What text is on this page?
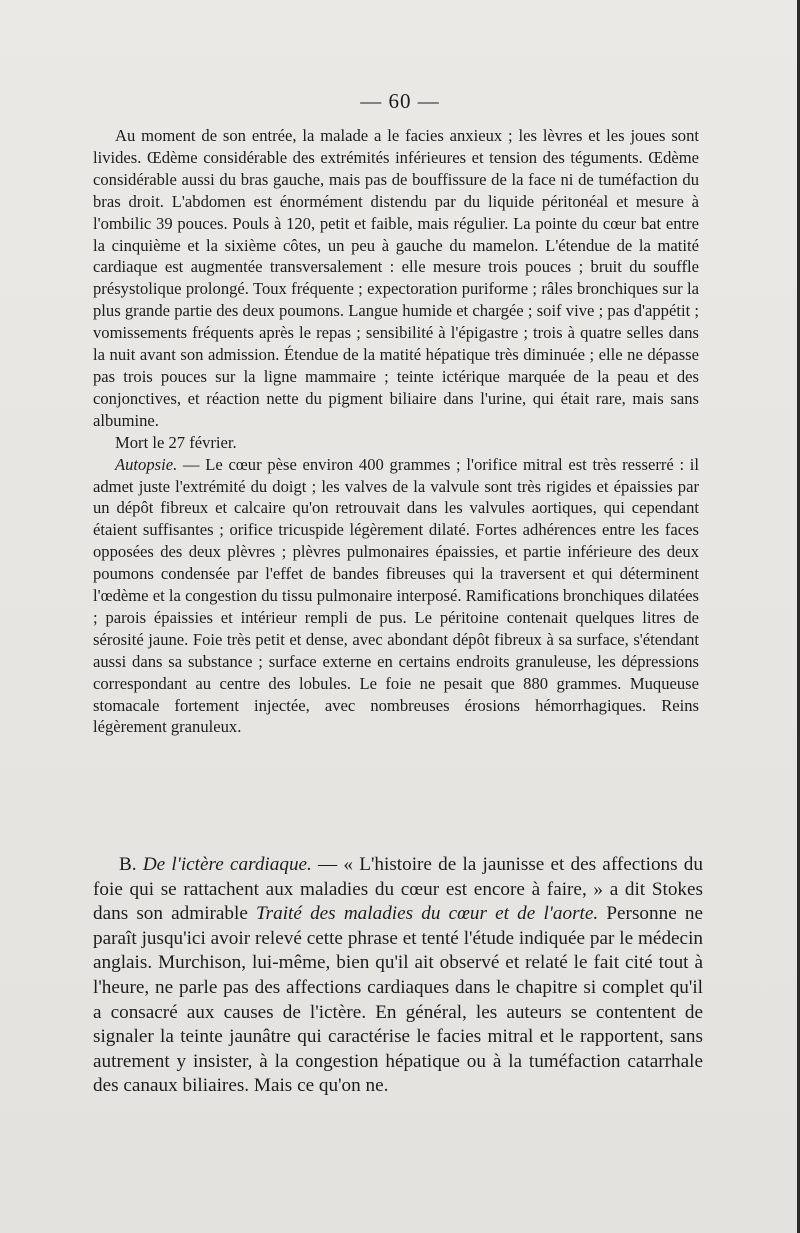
— 60 —

Au moment de son entrée, la malade a le facies anxieux ; les lèvres et les joues sont livides. Œdème considérable des extrémités inférieures et tension des téguments. Œdème considérable aussi du bras gauche, mais pas de bouffissure de la face ni de tuméfaction du bras droit. L'abdomen est énormément distendu par du liquide péritonéal et mesure à l'ombilic 39 pouces. Pouls à 120, petit et faible, mais régulier. La pointe du cœur bat entre la cinquième et la sixième côtes, un peu à gauche du mamelon. L'étendue de la matité cardiaque est augmentée transversalement : elle mesure trois pouces ; bruit du souffle présystolique prolongé. Toux fréquente ; expectoration puriforme ; râles bronchiques sur la plus grande partie des deux poumons. Langue humide et chargée ; soif vive ; pas d'appétit ; vomissements fréquents après le repas ; sensibilité à l'épigastre ; trois à quatre selles dans la nuit avant son admission. Étendue de la matité hépatique très diminuée ; elle ne dépasse pas trois pouces sur la ligne mammaire ; teinte ictérique marquée de la peau et des conjonctives, et réaction nette du pigment biliaire dans l'urine, qui était rare, mais sans albumine.

Mort le 27 février.

Autopsie. — Le cœur pèse environ 400 grammes ; l'orifice mitral est très resserré : il admet juste l'extrémité du doigt ; les valves de la valvule sont très rigides et épaissies par un dépôt fibreux et calcaire qu'on retrouvait dans les valvules aortiques, qui cependant étaient suffisantes ; orifice tricuspide légèrement dilaté. Fortes adhérences entre les faces opposées des deux plèvres ; plèvres pulmonaires épaissies, et partie inférieure des deux poumons condensée par l'effet de bandes fibreuses qui la traversent et qui déterminent l'œdème et la congestion du tissu pulmonaire interposé. Ramifications bronchiques dilatées ; parois épaissies et intérieur rempli de pus. Le péritoine contenait quelques litres de sérosité jaune. Foie très petit et dense, avec abondant dépôt fibreux à sa surface, s'étendant aussi dans sa substance ; surface externe en certains endroits granuleuse, les dépressions correspondant au centre des lobules. Le foie ne pesait que 880 grammes. Muqueuse stomacale fortement injectée, avec nombreuses érosions hémorrhagiques. Reins légèrement granuleux.

B. De l'ictère cardiaque. — « L'histoire de la jaunisse et des affections du foie qui se rattachent aux maladies du cœur est encore à faire, » a dit Stokes dans son admirable Traité des maladies du cœur et de l'aorte. Personne ne paraît jusqu'ici avoir relevé cette phrase et tenté l'étude indiquée par le médecin anglais. Murchison, lui-même, bien qu'il ait observé et relaté le fait cité tout à l'heure, ne parle pas des affections cardiaques dans le chapitre si complet qu'il a consacré aux causes de l'ictère. En général, les auteurs se contentent de signaler la teinte jaunâtre qui caractérise le facies mitral et le rapportent, sans autrement y insister, à la congestion hépatique ou à la tuméfaction catarrhale des canaux biliaires. Mais ce qu'on ne.
